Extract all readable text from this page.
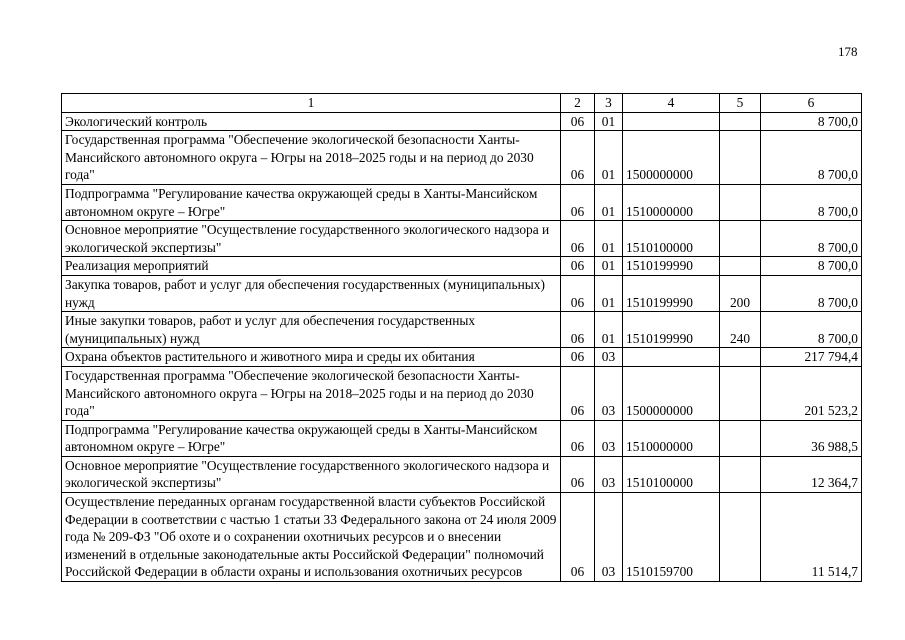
178
1	2	3	4	5	6
Экологический контроль	06	01			8 700,0
Государственная программа "Обеспечение экологической безопасности Ханты-Мансийского автономного округа – Югры на 2018–2025 годы и на период до 2030 года"	06	01	1500000000		8 700,0
Подпрограмма "Регулирование качества окружающей среды в Ханты-Мансийском автономном округе – Югре"	06	01	1510000000		8 700,0
Основное мероприятие "Осуществление государственного экологического надзора и экологической экспертизы"	06	01	1510100000		8 700,0
Реализация мероприятий	06	01	1510199990		8 700,0
Закупка товаров, работ и услуг для обеспечения государственных (муниципальных) нужд	06	01	1510199990	200	8 700,0
Иные закупки товаров, работ и услуг для обеспечения государственных (муниципальных) нужд	06	01	1510199990	240	8 700,0
Охрана объектов растительного и животного мира и среды их обитания	06	03			217 794,4
Государственная программа "Обеспечение экологической безопасности Ханты-Мансийского автономного округа – Югры на 2018–2025 годы и на период до 2030 года"	06	03	1500000000		201 523,2
Подпрограмма "Регулирование качества окружающей среды в Ханты-Мансийском автономном округе – Югре"	06	03	1510000000		36 988,5
Основное мероприятие "Осуществление государственного экологического надзора и экологической экспертизы"	06	03	1510100000		12 364,7
Осуществление переданных органам государственной власти субъектов Российской Федерации в соответствии с частью 1 статьи 33 Федерального закона от 24 июля 2009 года № 209-ФЗ "Об охоте и о сохранении охотничьих ресурсов и о внесении изменений в отдельные законодательные акты Российской Федерации" полномочий Российской Федерации в области охраны и использования охотничьих ресурсов	06	03	1510159700		11 514,7
